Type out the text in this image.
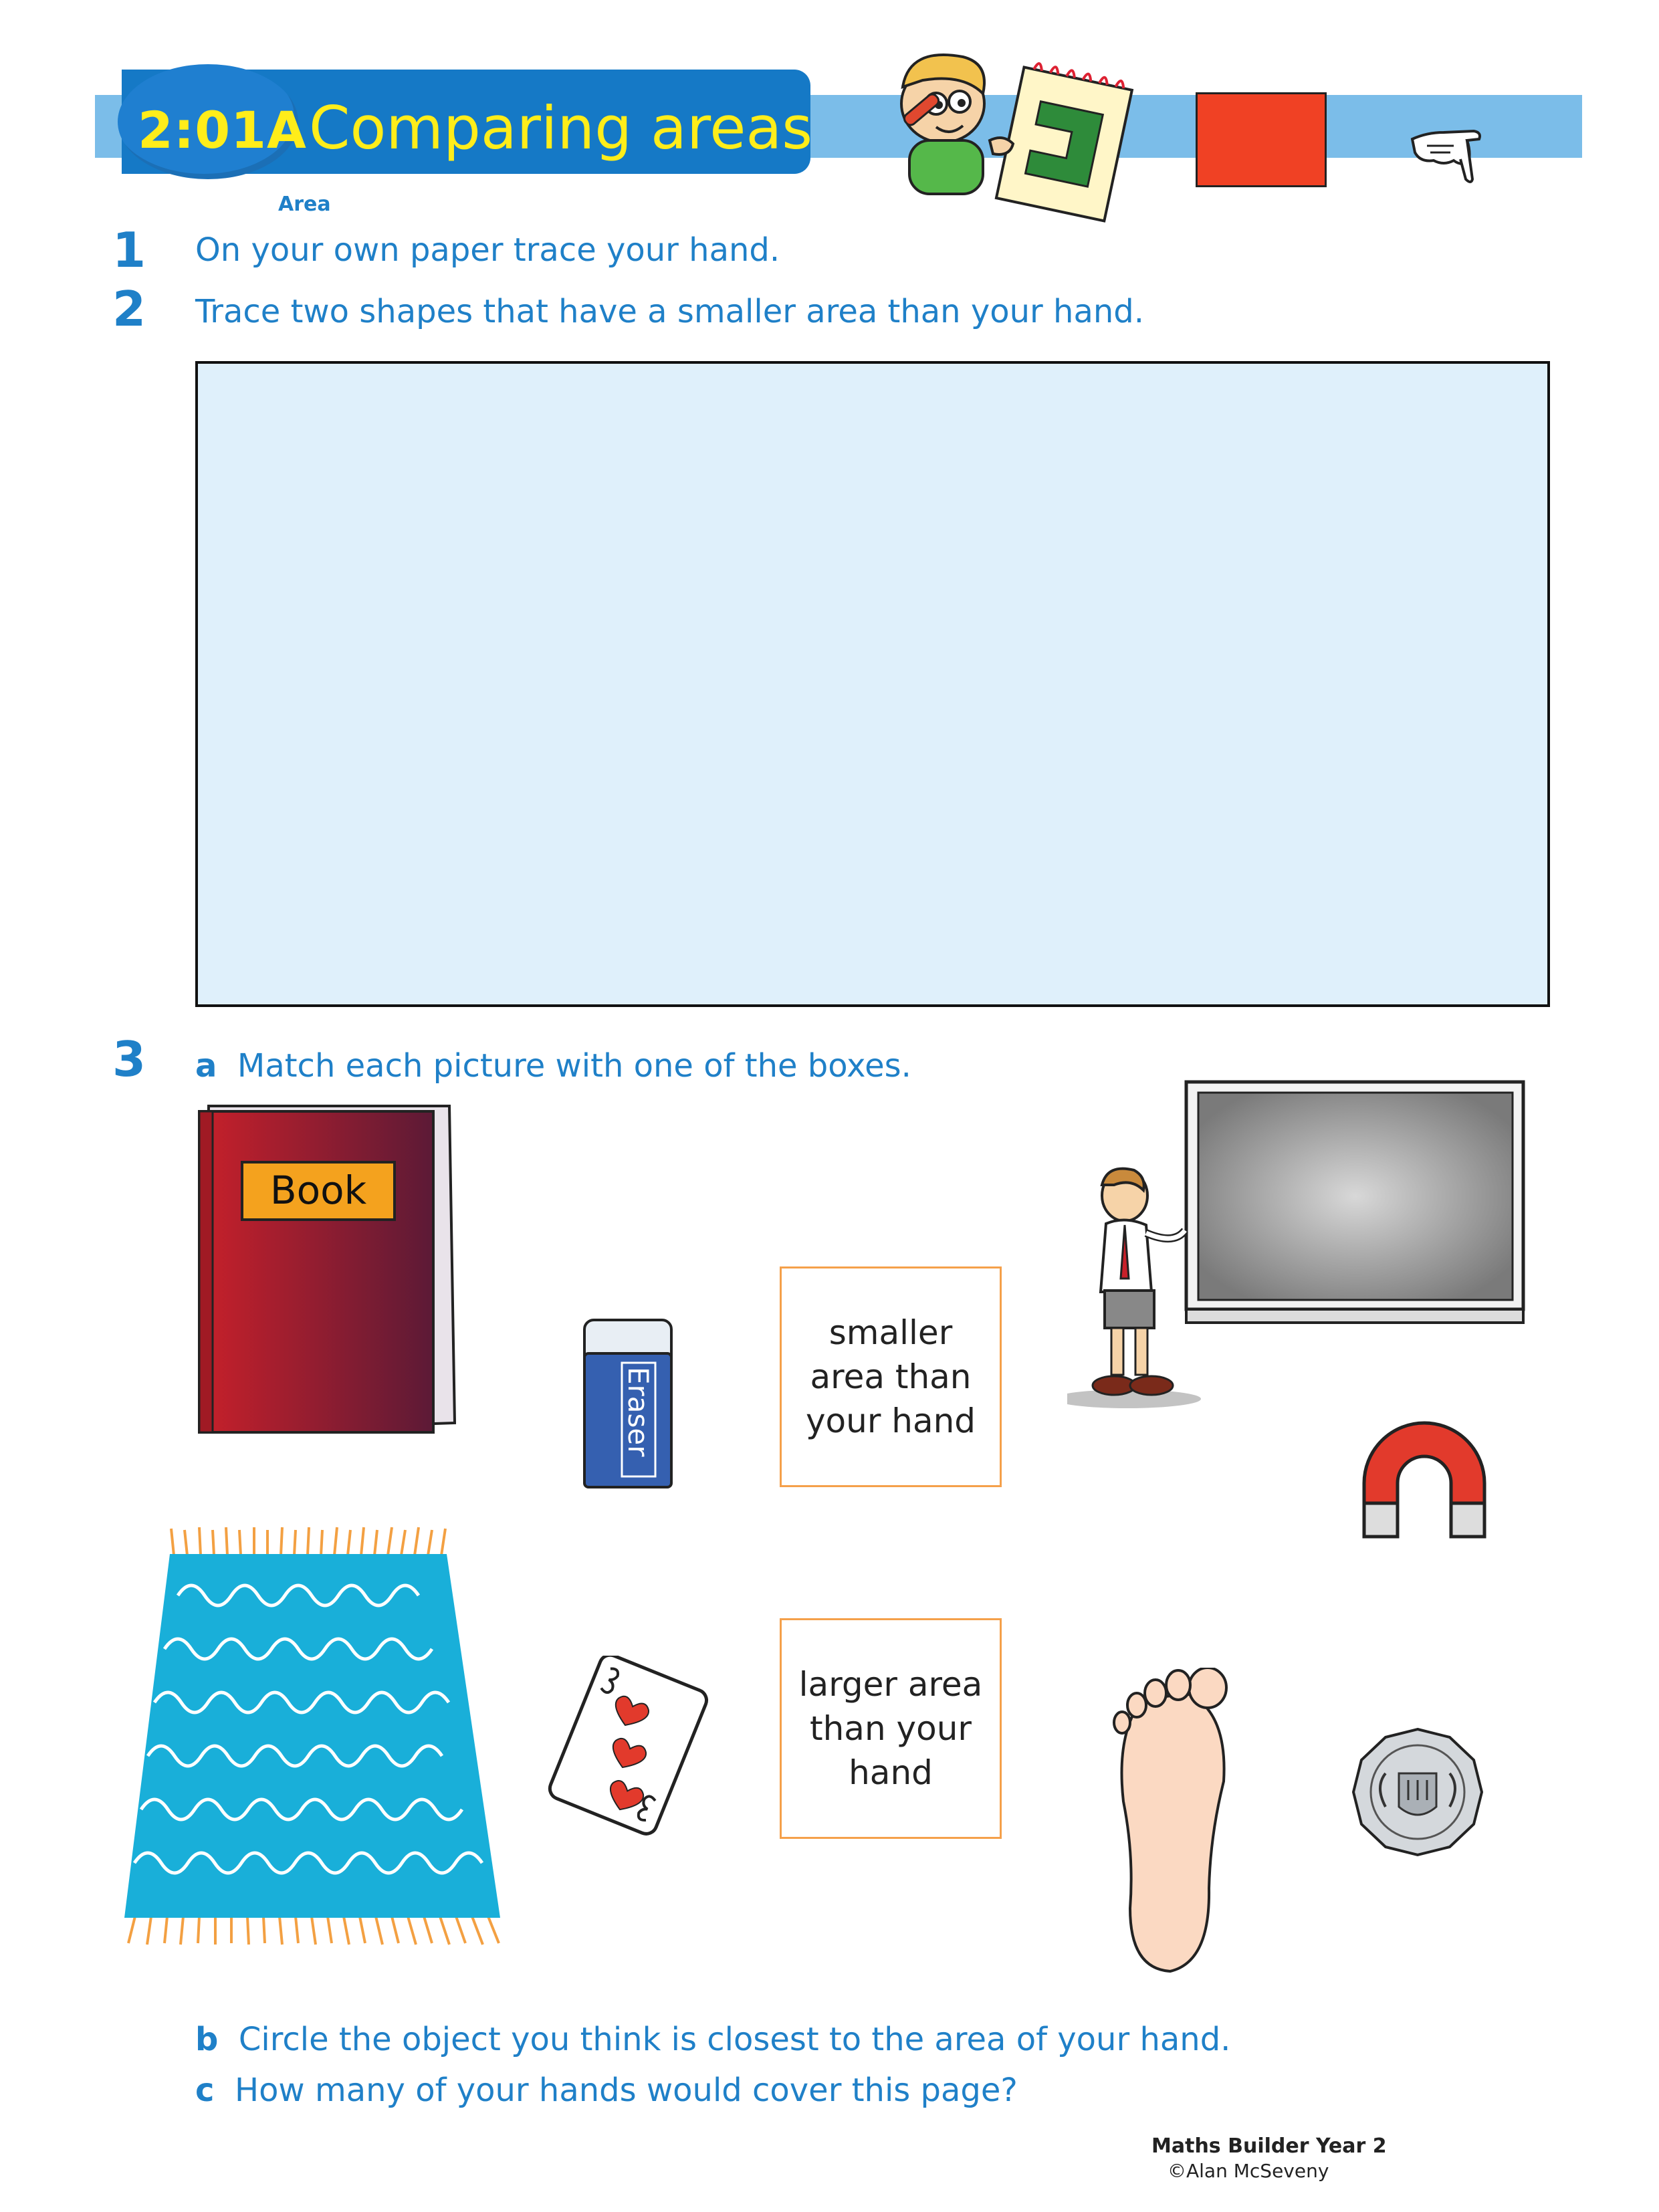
2:01A Comparing areas
Area
1 On your own paper trace your hand.
2 Trace two shapes that have a smaller area than your hand.
3 a Match each picture with one of the boxes.
Book
Eraser
smaller area than your hand
larger area than your hand
b Circle the object you think is closest to the area of your hand.
c How many of your hands would cover this page?
Maths Builder Year 2
©Alan McSeveny
